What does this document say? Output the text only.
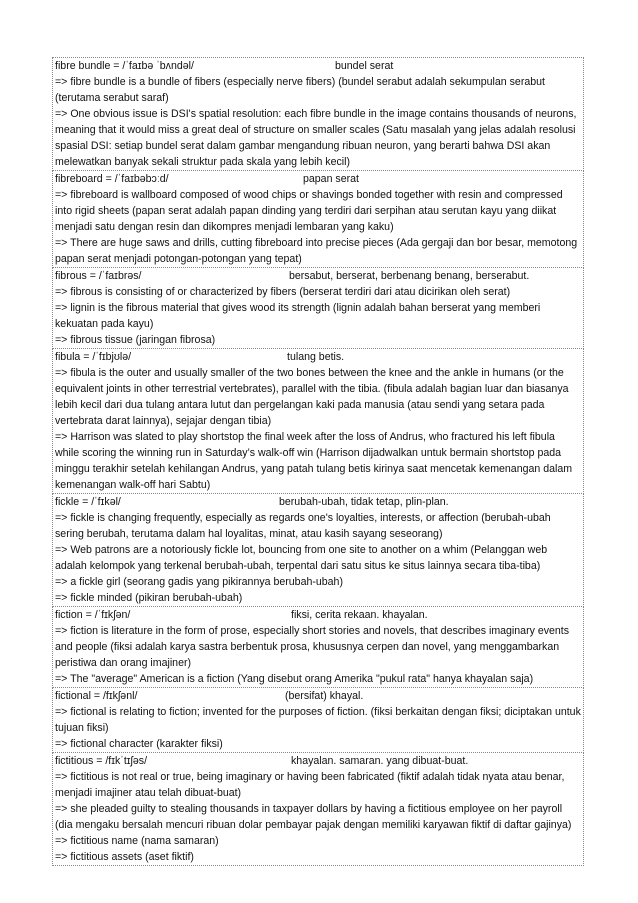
fibre bundle = /ˈfaɪbə ˈbʌndəl/	bundel serat
=> fibre bundle is a bundle of fibers (especially nerve fibers) (bundel serabut adalah sekumpulan serabut (terutama serabut saraf)
=> One obvious issue is DSI's spatial resolution: each fibre bundle in the image contains thousands of neurons, meaning that it would miss a great deal of structure on smaller scales (Satu masalah yang jelas adalah resolusi spasial DSI: setiap bundel serat dalam gambar mengandung ribuan neuron, yang berarti bahwa DSI akan melewatkan banyak sekali struktur pada skala yang lebih kecil)
fibreboard = /ˈfaɪbəbɔːd/	papan serat
=> fibreboard is wallboard composed of wood chips or shavings bonded together with resin and compressed into rigid sheets (papan serat adalah papan dinding yang terdiri dari serpihan atau serutan kayu yang diikat menjadi satu dengan resin dan dikompres menjadi lembaran yang kaku)
=> There are huge saws and drills, cutting fibreboard into precise pieces (Ada gergaji dan bor besar, memotong papan serat menjadi potongan-potongan yang tepat)
fibrous = /ˈfaɪbrəs/	bersabut, berserat, berbenang benang, berserabut.
=> fibrous is consisting of or characterized by fibers (berserat terdiri dari atau dicirikan oleh serat)
=> lignin is the fibrous material that gives wood its strength (lignin adalah bahan berserat yang memberi kekuatan pada kayu)
=> fibrous tissue (jaringan fibrosa)
fibula = /ˈfɪbjʊlə/	tulang betis.
=> fibula is the outer and usually smaller of the two bones between the knee and the ankle in humans (or the equivalent joints in other terrestrial vertebrates), parallel with the tibia. (fibula adalah bagian luar dan biasanya lebih kecil dari dua tulang antara lutut dan pergelangan kaki pada manusia (atau sendi yang setara pada vertebrata darat lainnya), sejajar dengan tibia)
=> Harrison was slated to play shortstop the final week after the loss of Andrus, who fractured his left fibula while scoring the winning run in Saturday’s walk-off win (Harrison dijadwalkan untuk bermain shortstop pada minggu terakhir setelah kehilangan Andrus, yang patah tulang betis kirinya saat mencetak kemenangan dalam kemenangan walk-off hari Sabtu)
fickle = /ˈfɪkəl/	berubah-ubah, tidak tetap, plin-plan.
=> fickle is changing frequently, especially as regards one's loyalties, interests, or affection (berubah-ubah sering berubah, terutama dalam hal loyalitas, minat, atau kasih sayang seseorang)
=> Web patrons are a notoriously fickle lot, bouncing from one site to another on a whim (Pelanggan web adalah kelompok yang terkenal berubah-ubah, terpental dari satu situs ke situs lainnya secara tiba-tiba)
=> a fickle girl (seorang gadis yang pikirannya berubah-ubah)
=> fickle minded (pikiran berubah-ubah)
fiction = /ˈfɪkʃən/	fiksi, cerita rekaan. khayalan.
=> fiction is literature in the form of prose, especially short stories and novels, that describes imaginary events and people (fiksi adalah karya sastra berbentuk prosa, khususnya cerpen dan novel, yang menggambarkan peristiwa dan orang imajiner)
=> The "average" American is a fiction (Yang disebut orang Amerika "pukul rata" hanya khayalan saja)
fictional = /fɪkʃənl/	(bersifat) khayal.
=> fictional is relating to fiction; invented for the purposes of fiction. (fiksi berkaitan dengan fiksi; diciptakan untuk tujuan fiksi)
=> fictional character (karakter fiksi)
fictitious = /fɪkˈtɪʃəs/	khayalan. samaran. yang dibuat-buat.
=> fictitious is not real or true, being imaginary or having been fabricated (fiktif adalah tidak nyata atau benar, menjadi imajiner atau telah dibuat-buat)
=> she pleaded guilty to stealing thousands in taxpayer dollars by having a fictitious employee on her payroll (dia mengaku bersalah mencuri ribuan dolar pembayar pajak dengan memiliki karyawan fiktif di daftar gajinya)
=> fictitious name (nama samaran)
=> fictitious assets (aset fiktif)
